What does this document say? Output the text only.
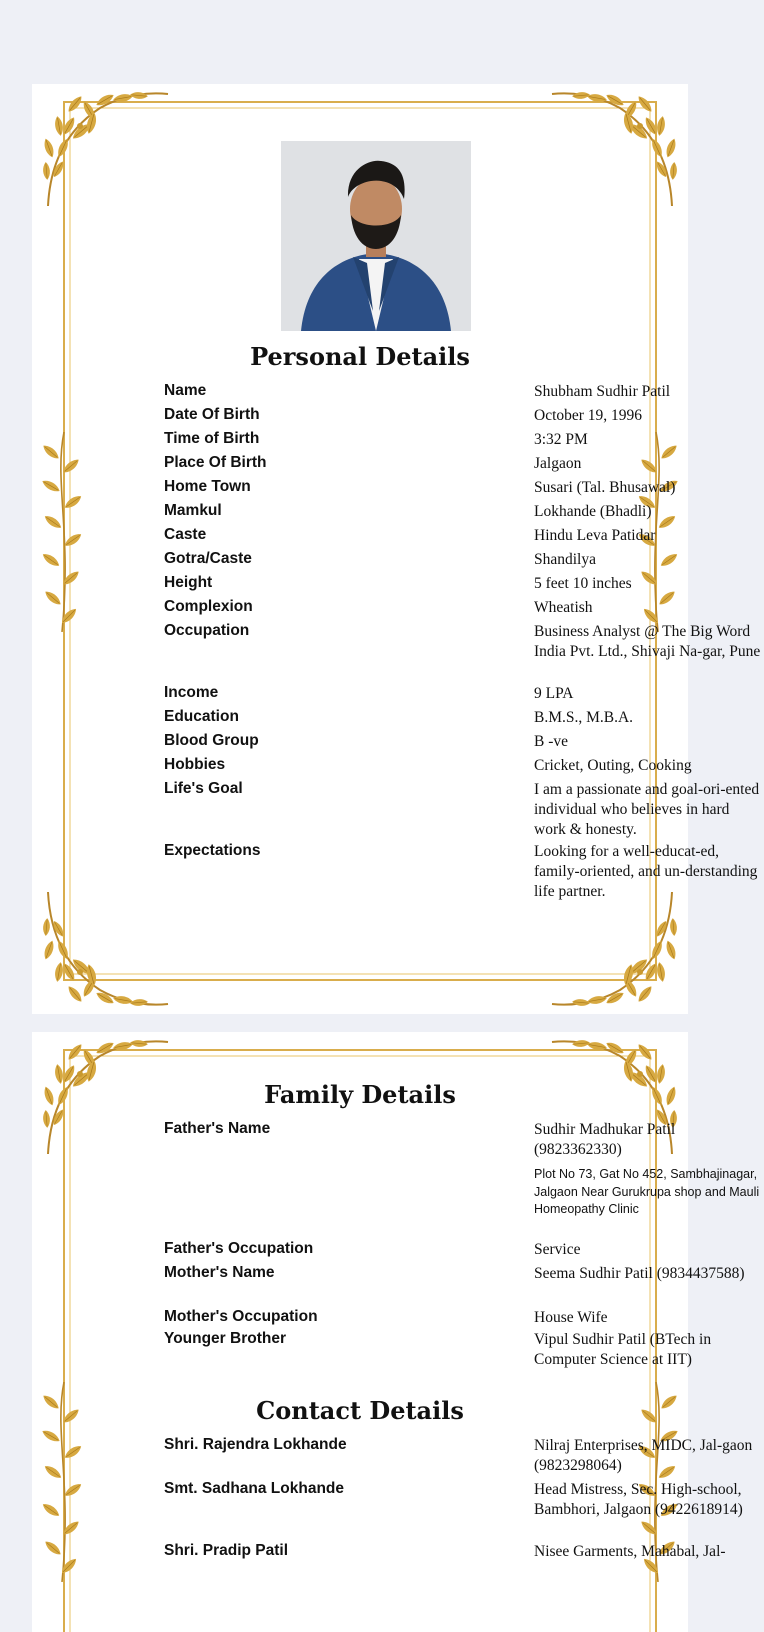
Personal Details
Name	Shubham Sudhir Patil
Date Of Birth	October 19, 1996
Time of Birth	3:32 PM
Place Of Birth	Jalgaon
Home Town	Susari (Tal. Bhusawal)
Mamkul	Lokhande (Bhadli)
Caste	Hindu Leva Patidar
Gotra/Caste	Shandilya
Height	5 feet 10 inches
Complexion	Wheatish
Occupation	Business Analyst @ The Big Word India Pvt. Ltd., Shivaji Na-gar, Pune
Income	9 LPA
Education	B.M.S., M.B.A.
Blood Group	B -ve
Hobbies	Cricket, Outing, Cooking
Life's Goal	I am a passionate and goal-ori-ented individual who believes in hard work & honesty.
Expectations	Looking for a well-educat-ed, family-oriented, and un-derstanding life partner.
Family Details
Father's Name	Sudhir Madhukar Patil (9823362330)
Plot No 73, Gat No 452, Sambhajinagar, Jalgaon Near Gurukrupa shop and Mauli Homeopathy Clinic
Father's Occupation	Service
Mother's Name	Seema Sudhir Patil (9834437588)
Mother's Occupation	House Wife
Younger Brother	Vipul Sudhir Patil (BTech in Computer Science at IIT)
Contact Details
Shri. Rajendra Lokhande	Nilraj Enterprises, MIDC, Jal-gaon (9823298064)
Smt. Sadhana Lokhande	Head Mistress, Sec. High-school, Bambhori, Jalgaon (9422618914)
Shri. Pradip Patil	Nisee Garments, Mahabal, Jal-
